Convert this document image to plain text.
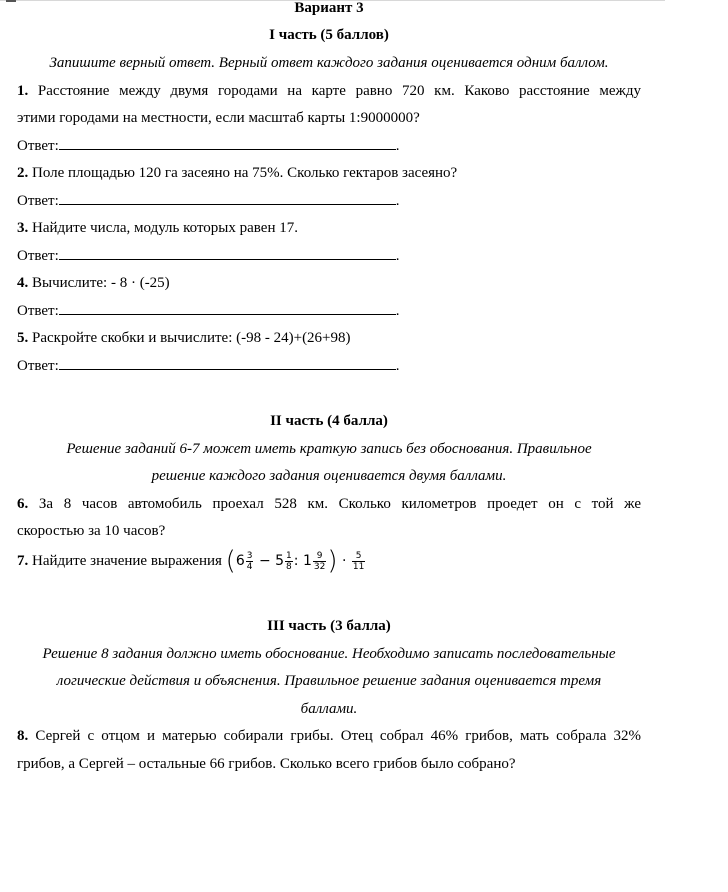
Вариант 3
I часть (5 баллов)
Запишите верный ответ. Верный ответ каждого задания оценивается одним баллом.
1. Расстояние между двумя городами на карте равно 720 км. Каково расстояние между
этими городами на местности, если масштаб карты 1:9000000?
Ответ:	.
2. Поле площадью 120 га засеяно на 75%. Сколько гектаров засеяно?
Ответ:	.
3. Найдите числа, модуль которых равен 17.
Ответ:	.
4. Вычислите: - 8 · (-25)
Ответ:	.
5. Раскройте скобки и вычислите: (-98 - 24)+(26+98)
Ответ:	.
II часть (4 балла)
Решение заданий 6-7 может иметь краткую запись без обоснования. Правильное
решение каждого задания оценивается двумя баллами.
6. За 8 часов автомобиль проехал 528 км. Сколько километров проедет он с той же
скоростью за 10 часов?
7. Найдите значение выражения ($6 \frac{3}{4} - 5 \frac{1}{8}$ : $1 \frac{9}{32}$ ) · $\frac{5}{11}$
III часть (3 балла)
Решение 8 задания должно иметь обоснование. Необходимо записать последовательные
логические действия и объяснения. Правильное решение задания оценивается тремя
баллами.
8. Сергей с отцом и матерью собирали грибы. Отец собрал 46% грибов, мать собрала 32%
грибов, а Сергей – остальные 66 грибов. Сколько всего грибов было собрано?
